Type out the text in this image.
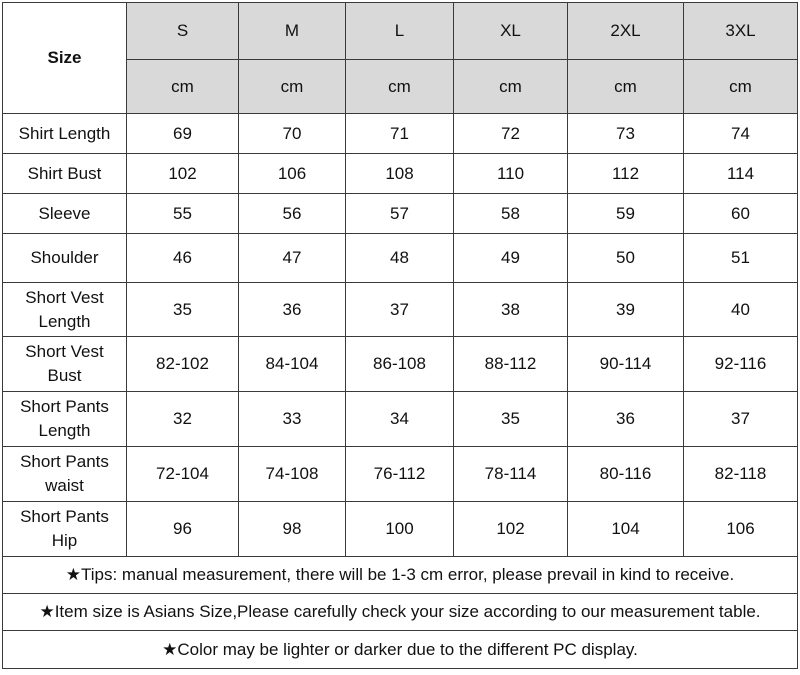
Size	S	M	L	XL	2XL	3XL
	cm	cm	cm	cm	cm	cm
Shirt Length	69	70	71	72	73	74
Shirt Bust	102	106	108	110	112	114
Sleeve	55	56	57	58	59	60
Shoulder	46	47	48	49	50	51
Short Vest
Length	35	36	37	38	39	40
Short Vest
Bust	82-102	84-104	86-108	88-112	90-114	92-116
Short Pants
Length	32	33	34	35	36	37
Short Pants
waist	72-104	74-108	76-112	78-114	80-116	82-118
Short Pants
Hip	96	98	100	102	104	106
★Tips: manual measurement, there will be 1-3 cm error, please prevail in kind to receive.						
★Item size is Asians Size,Please carefully check your size according to our measurement table.						
★Color may be lighter or darker due to the different PC display.						
